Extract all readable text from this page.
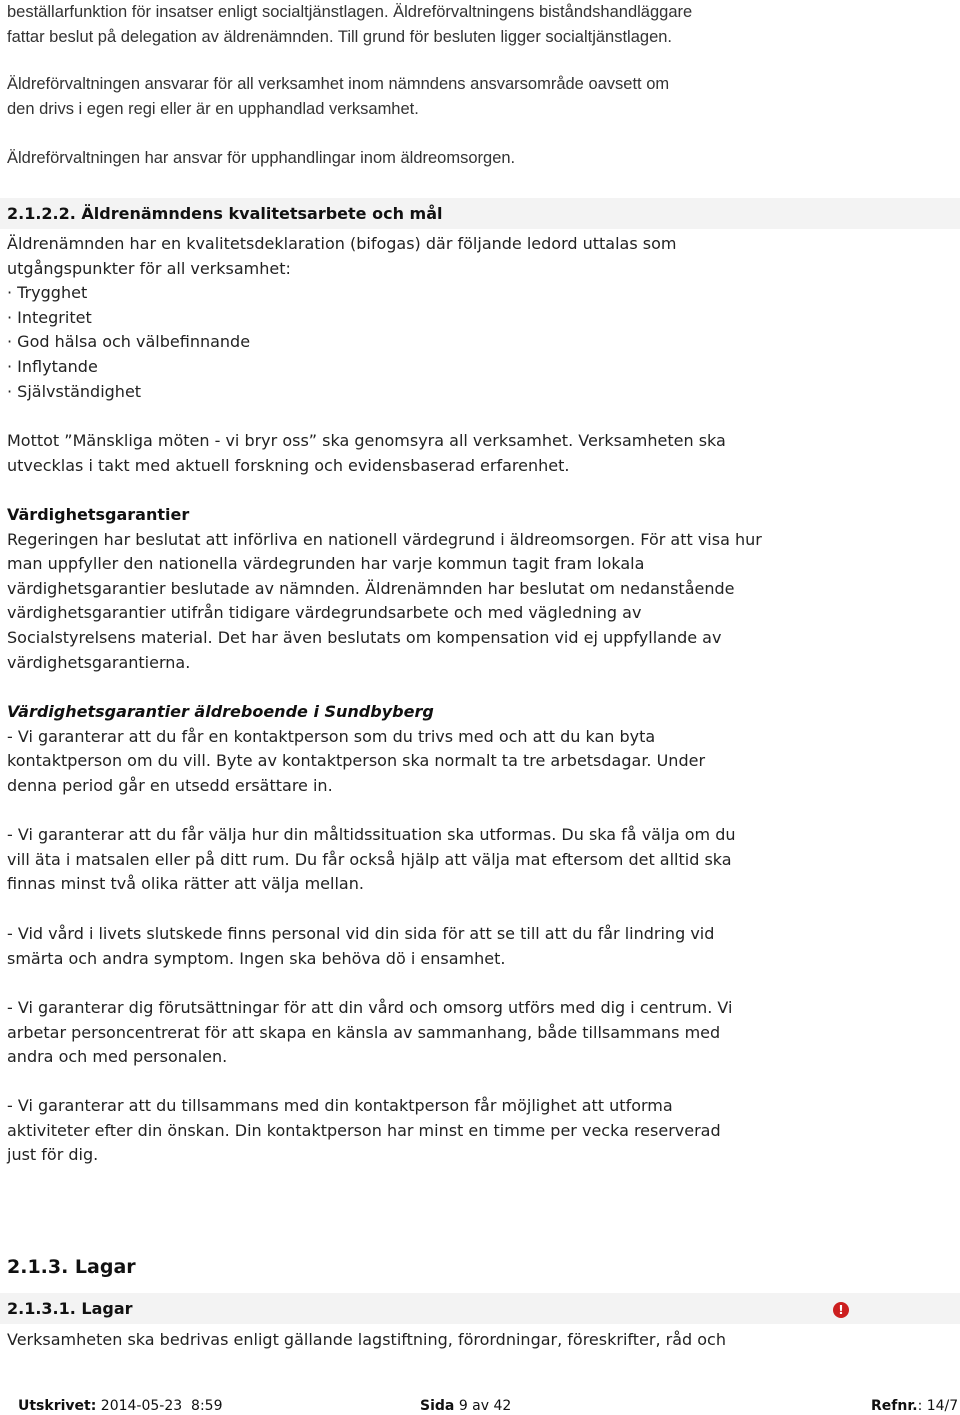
beställarfunktion för insatser enligt socialtjänstlagen. Äldreförvaltningens biståndshandläggare
fattar beslut på delegation av äldrenämnden. Till grund för besluten ligger socialtjänstlagen.
Äldreförvaltningen ansvarar för all verksamhet inom nämndens ansvarsområde oavsett om
den drivs i egen regi eller är en upphandlad verksamhet.
Äldreförvaltningen har ansvar för upphandlingar inom äldreomsorgen.
2.1.2.2. Äldrenämndens kvalitetsarbete och mål
Äldrenämnden har en kvalitetsdeklaration (bifogas) där följande ledord uttalas som
utgångspunkter för all verksamhet:
· Trygghet
· Integritet
· God hälsa och välbefinnande
· Inflytande
· Självständighet
Mottot ”Mänskliga möten - vi bryr oss” ska genomsyra all verksamhet. Verksamheten ska
utvecklas i takt med aktuell forskning och evidensbaserad erfarenhet.
Värdighetsgarantier
Regeringen har beslutat att införliva en nationell värdegrund i äldreomsorgen. För att visa hur
man uppfyller den nationella värdegrunden har varje kommun tagit fram lokala
värdighetsgarantier beslutade av nämnden. Äldrenämnden har beslutat om nedanstående
värdighetsgarantier utifrån tidigare värdegrundsarbete och med vägledning av
Socialstyrelsens material. Det har även beslutats om kompensation vid ej uppfyllande av
värdighetsgarantierna.
Värdighetsgarantier äldreboende i Sundbyberg
- Vi garanterar att du får en kontaktperson som du trivs med och att du kan byta
kontaktperson om du vill. Byte av kontaktperson ska normalt ta tre arbetsdagar. Under
denna period går en utsedd ersättare in.
- Vi garanterar att du får välja hur din måltidssituation ska utformas. Du ska få välja om du
vill äta i matsalen eller på ditt rum. Du får också hjälp att välja mat eftersom det alltid ska
finnas minst två olika rätter att välja mellan.
- Vid vård i livets slutskede finns personal vid din sida för att se till att du får lindring vid
smärta och andra symptom. Ingen ska behöva dö i ensamhet.
- Vi garanterar dig förutsättningar för att din vård och omsorg utförs med dig i centrum. Vi
arbetar personcentrerat för att skapa en känsla av sammanhang, både tillsammans med
andra och med personalen.
- Vi garanterar att du tillsammans med din kontaktperson får möjlighet att utforma
aktiviteter efter din önskan. Din kontaktperson har minst en timme per vecka reserverad
just för dig.
2.1.3. Lagar
2.1.3.1. Lagar	!
Verksamheten ska bedrivas enligt gällande lagstiftning, förordningar, föreskrifter, råd och
Utskrivet: 2014-05-23  8:59	Sida 9 av 42	Refnr.: 14/7
